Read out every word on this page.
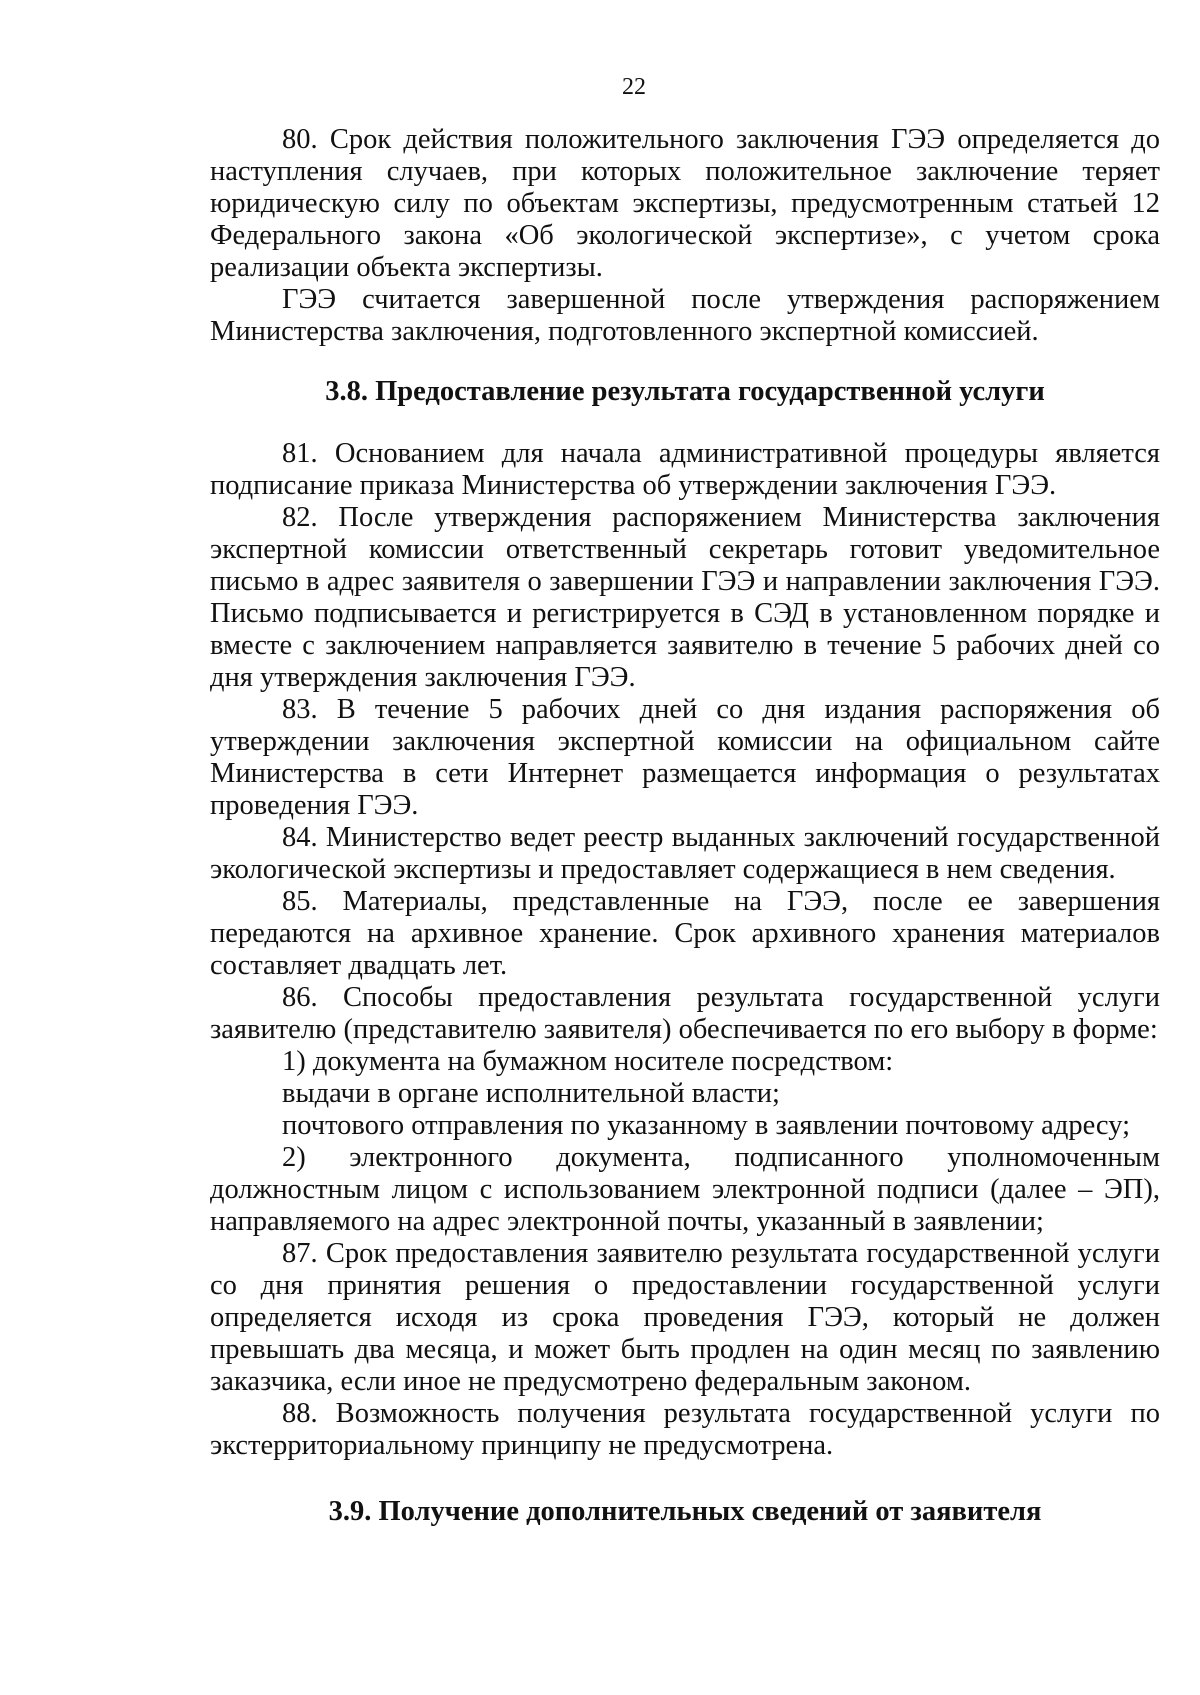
22

80. Срок действия положительного заключения ГЭЭ определяется до наступления случаев, при которых положительное заключение теряет юридическую силу по объектам экспертизы, предусмотренным статьей 12 Федерального закона «Об экологической экспертизе», с учетом срока реализации объекта экспертизы.

ГЭЭ считается завершенной после утверждения распоряжением Министерства заключения, подготовленного экспертной комиссией.

3.8. Предоставление результата государственной услуги

81. Основанием для начала административной процедуры является подписание приказа Министерства об утверждении заключения ГЭЭ.

82. После утверждения распоряжением Министерства заключения экспертной комиссии ответственный секретарь готовит уведомительное письмо в адрес заявителя о завершении ГЭЭ и направлении заключения ГЭЭ. Письмо подписывается и регистрируется в СЭД в установленном порядке и вместе с заключением направляется заявителю в течение 5 рабочих дней со дня утверждения заключения ГЭЭ.

83. В течение 5 рабочих дней со дня издания распоряжения об утверждении заключения экспертной комиссии на официальном сайте Министерства в сети Интернет размещается информация о результатах проведения ГЭЭ.

84. Министерство ведет реестр выданных заключений государственной экологической экспертизы и предоставляет содержащиеся в нем сведения.

85. Материалы, представленные на ГЭЭ, после ее завершения передаются на архивное хранение. Срок архивного хранения материалов составляет двадцать лет.

86. Способы предоставления результата государственной услуги заявителю (представителю заявителя) обеспечивается по его выбору в форме:

1) документа на бумажном носителе посредством:

выдачи в органе исполнительной власти;

почтового отправления по указанному в заявлении почтовому адресу;

2) электронного документа, подписанного уполномоченным должностным лицом с использованием электронной подписи (далее – ЭП), направляемого на адрес электронной почты, указанный в заявлении;

87. Срок предоставления заявителю результата государственной услуги со дня принятия решения о предоставлении государственной услуги определяется исходя из срока проведения ГЭЭ, который не должен превышать два месяца, и может быть продлен на один месяц по заявлению заказчика, если иное не предусмотрено федеральным законом.

88. Возможность получения результата государственной услуги по экстерриториальному принципу не предусмотрена.

3.9. Получение дополнительных сведений от заявителя
